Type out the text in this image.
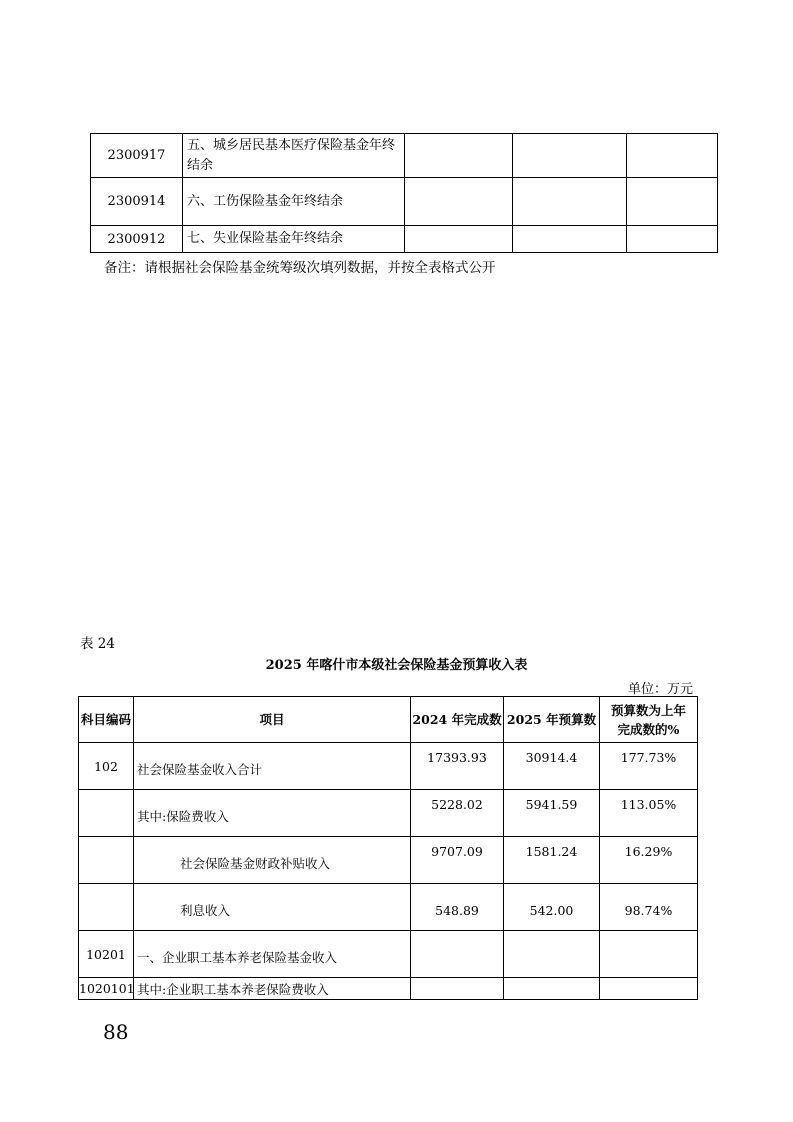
2300917	五、城乡居民基本医疗保险基金年终
结余			

2300914	六、工伤保险基金年终结余			
2300912	七、失业保险基金年终结余			
备注：请根据社会保险基金统筹级次填列数据，并按全表格式公开
表 24
2025 年喀什市本级社会保险基金预算收入表
单位：万元
科目编码	项目	2024 年完成数	2025 年预算数	预算数为上年
完成数的%

102	社会保险基金收入合计	17393.93	30914.4	177.73%
	其中:保险费收入	5228.02	5941.59	113.05%
	社会保险基金财政补贴收入	9707.09	1581.24	16.29%
	利息收入	548.89	542.00	98.74%
10201	一、企业职工基本养老保险基金收入			
1020101	其中:企业职工基本养老保险费收入			
88
